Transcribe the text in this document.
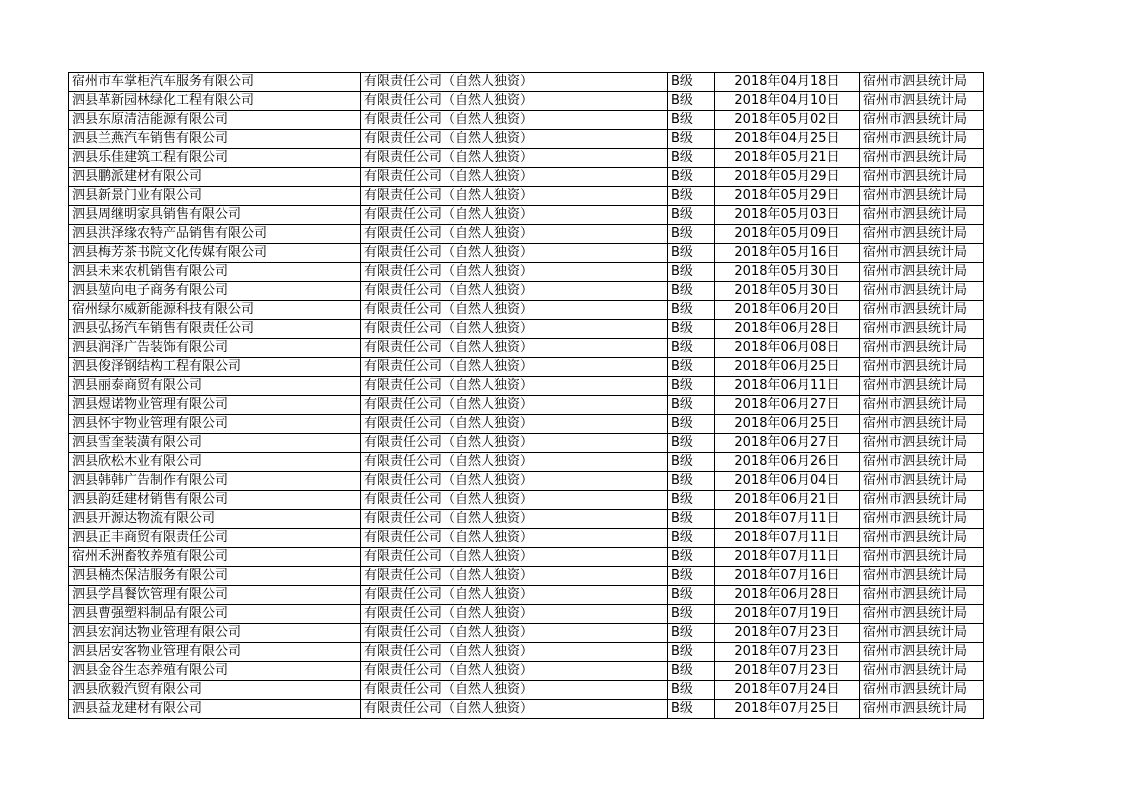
宿州市车掌柜汽车服务有限公司	有限责任公司（自然人独资）	B级	2018年04月18日	宿州市泗县统计局
泗县革新园林绿化工程有限公司	有限责任公司（自然人独资）	B级	2018年04月10日	宿州市泗县统计局
泗县东原清洁能源有限公司	有限责任公司（自然人独资）	B级	2018年05月02日	宿州市泗县统计局
泗县兰燕汽车销售有限公司	有限责任公司（自然人独资）	B级	2018年04月25日	宿州市泗县统计局
泗县乐佳建筑工程有限公司	有限责任公司（自然人独资）	B级	2018年05月21日	宿州市泗县统计局
泗县鹏派建材有限公司	有限责任公司（自然人独资）	B级	2018年05月29日	宿州市泗县统计局
泗县新景门业有限公司	有限责任公司（自然人独资）	B级	2018年05月29日	宿州市泗县统计局
泗县周继明家具销售有限公司	有限责任公司（自然人独资）	B级	2018年05月03日	宿州市泗县统计局
泗县洪泽缘农特产品销售有限公司	有限责任公司（自然人独资）	B级	2018年05月09日	宿州市泗县统计局
泗县梅芳茶书院文化传媒有限公司	有限责任公司（自然人独资）	B级	2018年05月16日	宿州市泗县统计局
泗县未来农机销售有限公司	有限责任公司（自然人独资）	B级	2018年05月30日	宿州市泗县统计局
泗县堃向电子商务有限公司	有限责任公司（自然人独资）	B级	2018年05月30日	宿州市泗县统计局
宿州绿尔威新能源科技有限公司	有限责任公司（自然人独资）	B级	2018年06月20日	宿州市泗县统计局
泗县弘扬汽车销售有限责任公司	有限责任公司（自然人独资）	B级	2018年06月28日	宿州市泗县统计局
泗县润泽广告装饰有限公司	有限责任公司（自然人独资）	B级	2018年06月08日	宿州市泗县统计局
泗县俊泽钢结构工程有限公司	有限责任公司（自然人独资）	B级	2018年06月25日	宿州市泗县统计局
泗县丽泰商贸有限公司	有限责任公司（自然人独资）	B级	2018年06月11日	宿州市泗县统计局
泗县煜诺物业管理有限公司	有限责任公司（自然人独资）	B级	2018年06月27日	宿州市泗县统计局
泗县怀宇物业管理有限公司	有限责任公司（自然人独资）	B级	2018年06月25日	宿州市泗县统计局
泗县雪奎装潢有限公司	有限责任公司（自然人独资）	B级	2018年06月27日	宿州市泗县统计局
泗县欣松木业有限公司	有限责任公司（自然人独资）	B级	2018年06月26日	宿州市泗县统计局
泗县韩韩广告制作有限公司	有限责任公司（自然人独资）	B级	2018年06月04日	宿州市泗县统计局
泗县韵廷建材销售有限公司	有限责任公司（自然人独资）	B级	2018年06月21日	宿州市泗县统计局
泗县开源达物流有限公司	有限责任公司（自然人独资）	B级	2018年07月11日	宿州市泗县统计局
泗县正丰商贸有限责任公司	有限责任公司（自然人独资）	B级	2018年07月11日	宿州市泗县统计局
宿州禾洲畜牧养殖有限公司	有限责任公司（自然人独资）	B级	2018年07月11日	宿州市泗县统计局
泗县楠杰保洁服务有限公司	有限责任公司（自然人独资）	B级	2018年07月16日	宿州市泗县统计局
泗县学昌餐饮管理有限公司	有限责任公司（自然人独资）	B级	2018年06月28日	宿州市泗县统计局
泗县曹强塑料制品有限公司	有限责任公司（自然人独资）	B级	2018年07月19日	宿州市泗县统计局
泗县宏润达物业管理有限公司	有限责任公司（自然人独资）	B级	2018年07月23日	宿州市泗县统计局
泗县居安客物业管理有限公司	有限责任公司（自然人独资）	B级	2018年07月23日	宿州市泗县统计局
泗县金谷生态养殖有限公司	有限责任公司（自然人独资）	B级	2018年07月23日	宿州市泗县统计局
泗县欣毅汽贸有限公司	有限责任公司（自然人独资）	B级	2018年07月24日	宿州市泗县统计局
泗县益龙建材有限公司	有限责任公司（自然人独资）	B级	2018年07月25日	宿州市泗县统计局
